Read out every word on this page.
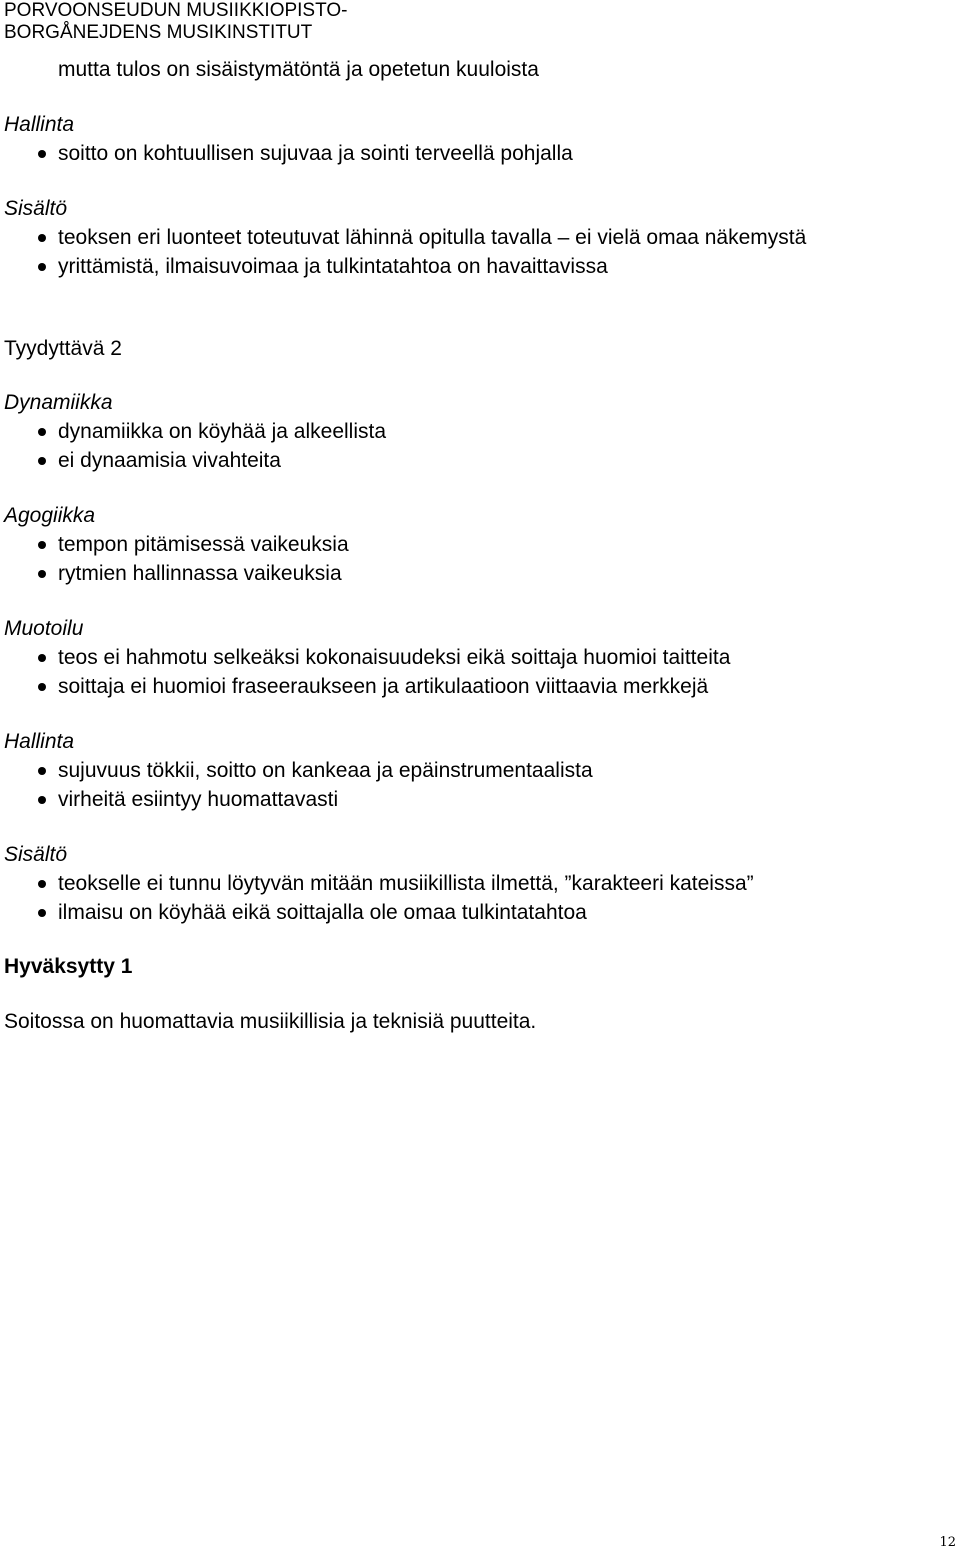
PORVOONSEUDUN MUSIIKKIOPISTO-
BORGÅNEJDENS MUSIKINSTITUT
mutta tulos on sisäistymätöntä ja opetetun kuuloista
Hallinta
soitto on kohtuullisen sujuvaa ja sointi terveellä pohjalla
Sisältö
teoksen eri luonteet toteutuvat lähinnä opitulla tavalla – ei vielä omaa näkemystä
yrittämistä, ilmaisuvoimaa ja tulkintatahtoa on havaittavissa
Tyydyttävä 2
Dynamiikka
dynamiikka on köyhää ja alkeellista
ei dynaamisia vivahteita
Agogiikka
tempon pitämisessä vaikeuksia
rytmien hallinnassa vaikeuksia
Muotoilu
teos ei hahmotu selkeäksi kokonaisuudeksi eikä soittaja huomioi taitteita
soittaja ei huomioi fraseeraukseen ja artikulaatioon viittaavia merkkejä
Hallinta
sujuvuus tökkii, soitto on kankeaa ja epäinstrumentaalista
virheitä esiintyy huomattavasti
Sisältö
teokselle ei tunnu löytyvän mitään musiikillista ilmettä, ”karakteeri kateissa”
ilmaisu on köyhää eikä soittajalla ole omaa tulkintatahtoa
Hyväksytty 1
Soitossa on huomattavia musiikillisia ja teknisiä puutteita.
12
